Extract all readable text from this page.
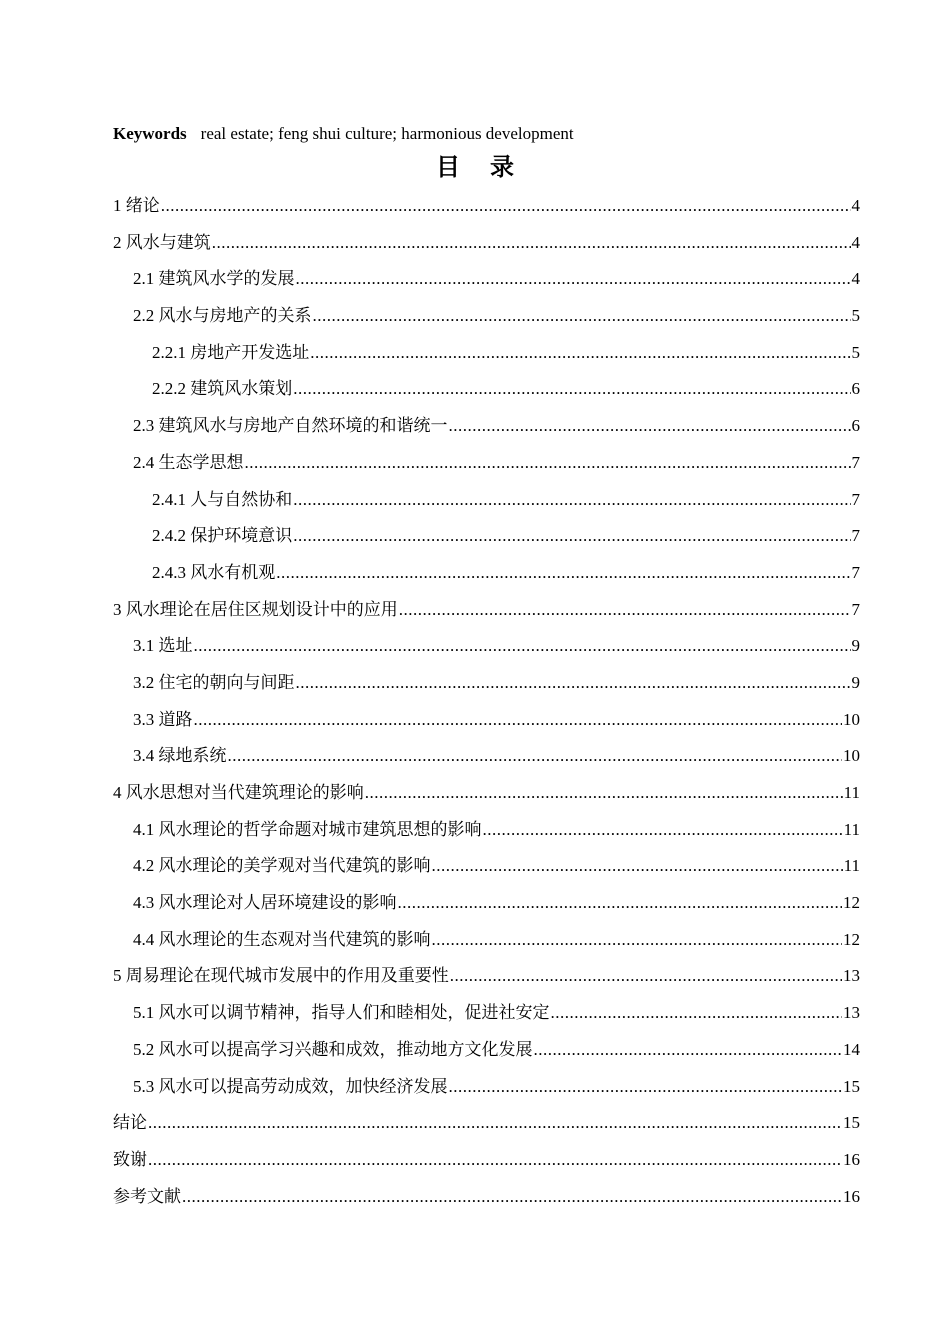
Keywords real estate; feng shui culture; harmonious development
目录
1 绪论 .....	4
2 风水与建筑 .....	4
2.1 建筑风水学的发展 .....	4
2.2 风水与房地产的关系 .....	5
2.2.1 房地产开发选址 .....	5
2.2.2 建筑风水策划 .....	6
2.3 建筑风水与房地产自然环境的和谐统一 .....	6
2.4 生态学思想 .....	7
2.4.1 人与自然协和 .....	7
2.4.2 保护环境意识 .....	7
2.4.3 风水有机观 .....	7
3 风水理论在居住区规划设计中的应用 .....	7
3.1 选址 .....	9
3.2 住宅的朝向与间距 .....	9
3.3 道路 .....	10
3.4 绿地系统 .....	10
4 风水思想对当代建筑理论的影响 .....	11
4.1 风水理论的哲学命题对城市建筑思想的影响 .....	11
4.2 风水理论的美学观对当代建筑的影响 .....	11
4.3 风水理论对人居环境建设的影响 .....	12
4.4 风水理论的生态观对当代建筑的影响 .....	12
5 周易理论在现代城市发展中的作用及重要性 .....	13
5.1 风水可以调节精神，指导人们和睦相处，促进社安定 .....	13
5.2 风水可以提高学习兴趣和成效，推动地方文化发展 .....	14
5.3 风水可以提高劳动成效，加快经济发展 .....	15
结论 .....	15
致谢 .....	16
参考文献 .....	16
